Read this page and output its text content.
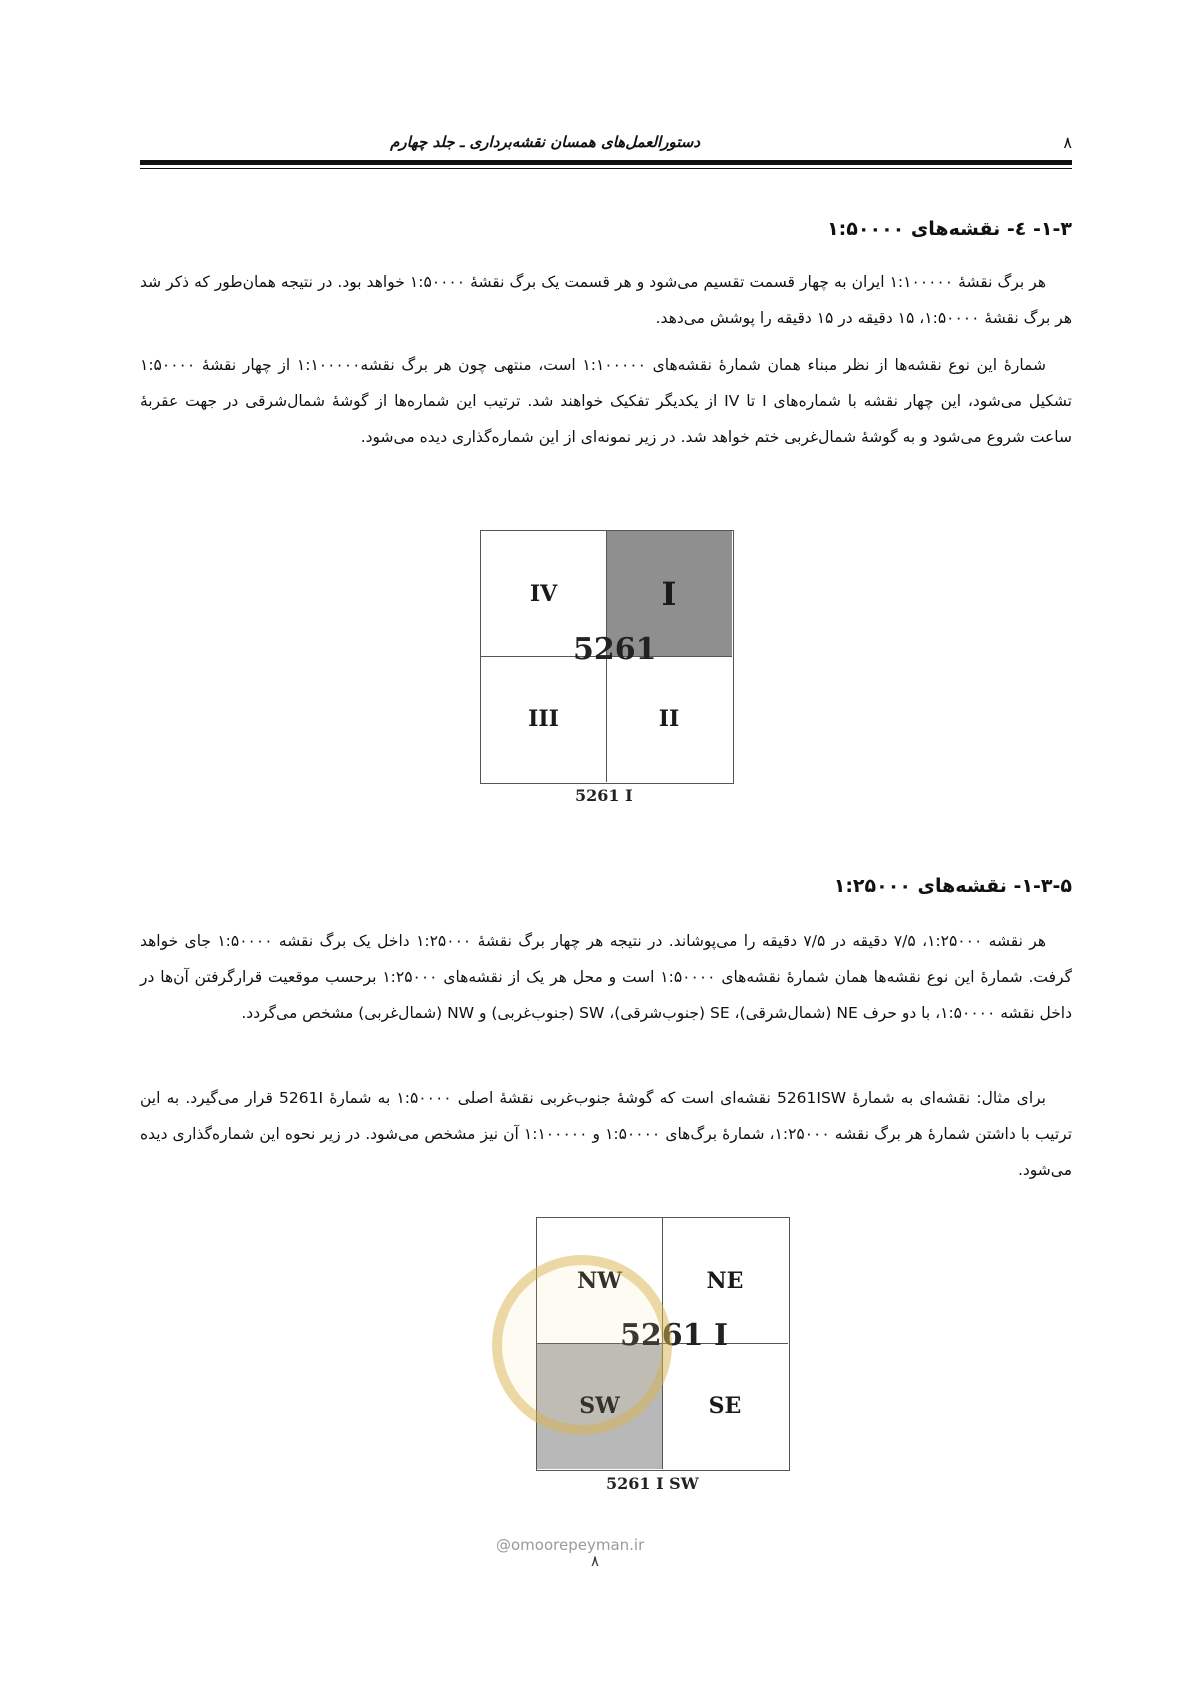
دستورالعمل‌های همسان نقشه‌برداری ـ جلد چهارم	۸
۱-۳- ٤- نقشه‌های ۱:۵۰۰۰۰
هر برگ نقشهٔ ۱:۱۰۰۰۰۰ ایران به چهار قسمت تقسیم می‌شود و هر قسمت یک برگ نقشهٔ ۱:۵۰۰۰۰ خواهد بود. در نتیجه همان‌طور که ذکر شد هر برگ نقشهٔ ۱:۵۰۰۰۰، ۱۵ دقیقه در ۱۵ دقیقه را پوشش می‌دهد.
شمارهٔ این نوع نقشه‌ها از نظر مبناء همان شمارهٔ نقشه‌های ۱:۱۰۰۰۰۰ است، منتهی چون هر برگ نقشه۱:۱۰۰۰۰۰ از چهار نقشهٔ ۱:۵۰۰۰۰ تشکیل می‌شود، این چهار نقشه با شماره‌های I تا IV از یکدیگر تفکیک خواهند شد. ترتیب این شماره‌ها از گوشهٔ شمال‌شرقی در جهت عقربهٔ ساعت شروع می‌شود و به گوشهٔ شمال‌غربی ختم خواهد شد. در زیر نمونه‌ای از این شماره‌گذاری دیده می‌شود.
IV	I
III	II
5261
5261 I
۱-۳-۵- نقشه‌های ۱:۲۵۰۰۰
هر نقشه ۱:۲۵۰۰۰، ۷/۵ دقیقه در ۷/۵ دقیقه را می‌پوشاند. در نتیجه هر چهار برگ نقشهٔ ۱:۲۵۰۰۰ داخل یک برگ نقشه ۱:۵۰۰۰۰ جای خواهد گرفت. شمارهٔ این نوع نقشه‌ها همان شمارهٔ نقشه‌های ۱:۵۰۰۰۰ است و محل هر یک از نقشه‌های ۱:۲۵۰۰۰ برحسب موقعیت قرارگرفتن آن‌ها در داخل نقشه ۱:۵۰۰۰۰، با دو حرف NE (شمال‌شرقی)، SE (جنوب‌شرقی)، SW (جنوب‌غربی) و NW (شمال‌غربی) مشخص می‌گردد.
برای مثال: نقشه‌ای به شمارهٔ 5261ISW نقشه‌ای است که گوشهٔ جنوب‌غربی نقشهٔ اصلی ۱:۵۰۰۰۰ به شمارهٔ 5261I قرار می‌گیرد. به این ترتیب با داشتن شمارهٔ هر برگ نقشه ۱:۲۵۰۰۰، شمارهٔ برگ‌های ۱:۵۰۰۰۰ و ۱:۱۰۰۰۰۰ آن نیز مشخص می‌شود. در زیر نحوه این شماره‌گذاری دیده می‌شود.
NW	NE
SW	SE
5261 I
5261 I SW
@omoorepeyman.ir
۸
